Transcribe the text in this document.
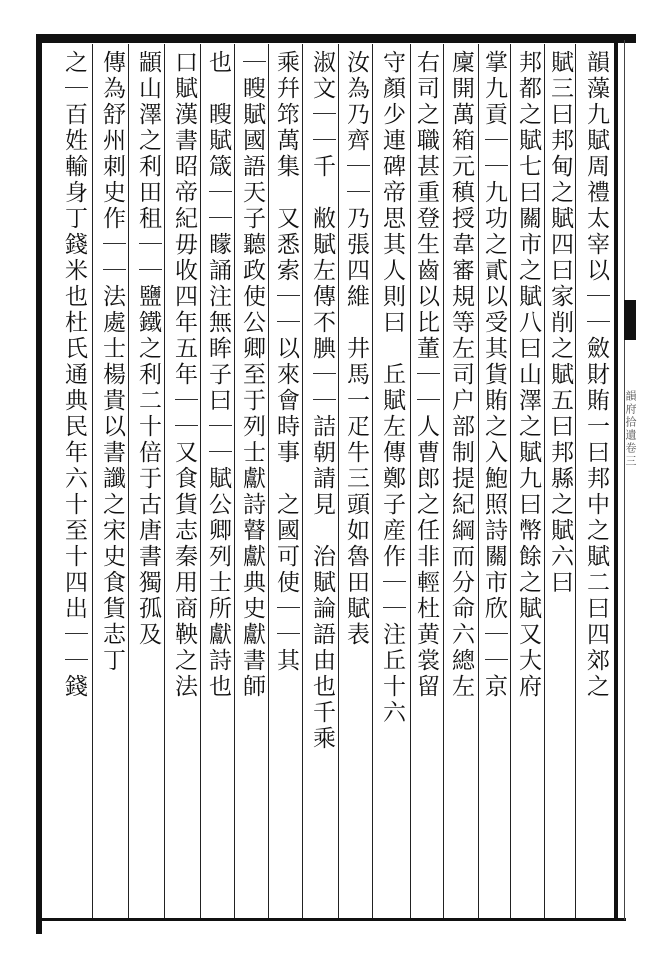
韻府拾遺卷三
韻藻九賦周禮太宰以｜｜斂財賄一曰邦中之賦二曰四郊之
賦三曰邦甸之賦四曰家削之賦五曰邦縣之賦六曰
邦都之賦七曰關市之賦八曰山澤之賦九曰幣餘之賦又大府
掌九貢｜｜九功之貳以受其貨賄之入鮑照詩關市欣｜｜京
廩開萬箱元稹授韋審規等左司户部制提紀綱而分命六總左
右司之職甚重登生齒以比董｜｜人曹郎之任非輕杜黄裳留
守顏少連碑帝思其人則曰　丘賦左傳鄭子産作｜｜注丘十六
汝為乃齊｜｜乃張四維　井馬一疋牛三頭如魯田賦表
淑文｜｜千　敝賦左傳不腆｜｜詰朝請見　治賦論語由也千乘
乘幷筇萬集　又悉索｜｜以來會時事　之國可使｜｜其
｜瞍賦國語天子聽政使公卿至于列士獻詩瞽獻典史獻書師
也　瞍賦箴｜｜矇誦注無眸子曰｜｜賦公卿列士所獻詩也
口賦漢書昭帝紀毋收四年五年｜｜又食貨志秦用商鞅之法
顓山澤之利田租｜｜鹽鐵之利二十倍于古唐書獨孤及
傳為舒州刺史作｜｜法處士楊貴以書讖之宋史食貨志丁
之｜百姓輸身丁錢米也杜氏通典民年六十至十四出｜｜錢
